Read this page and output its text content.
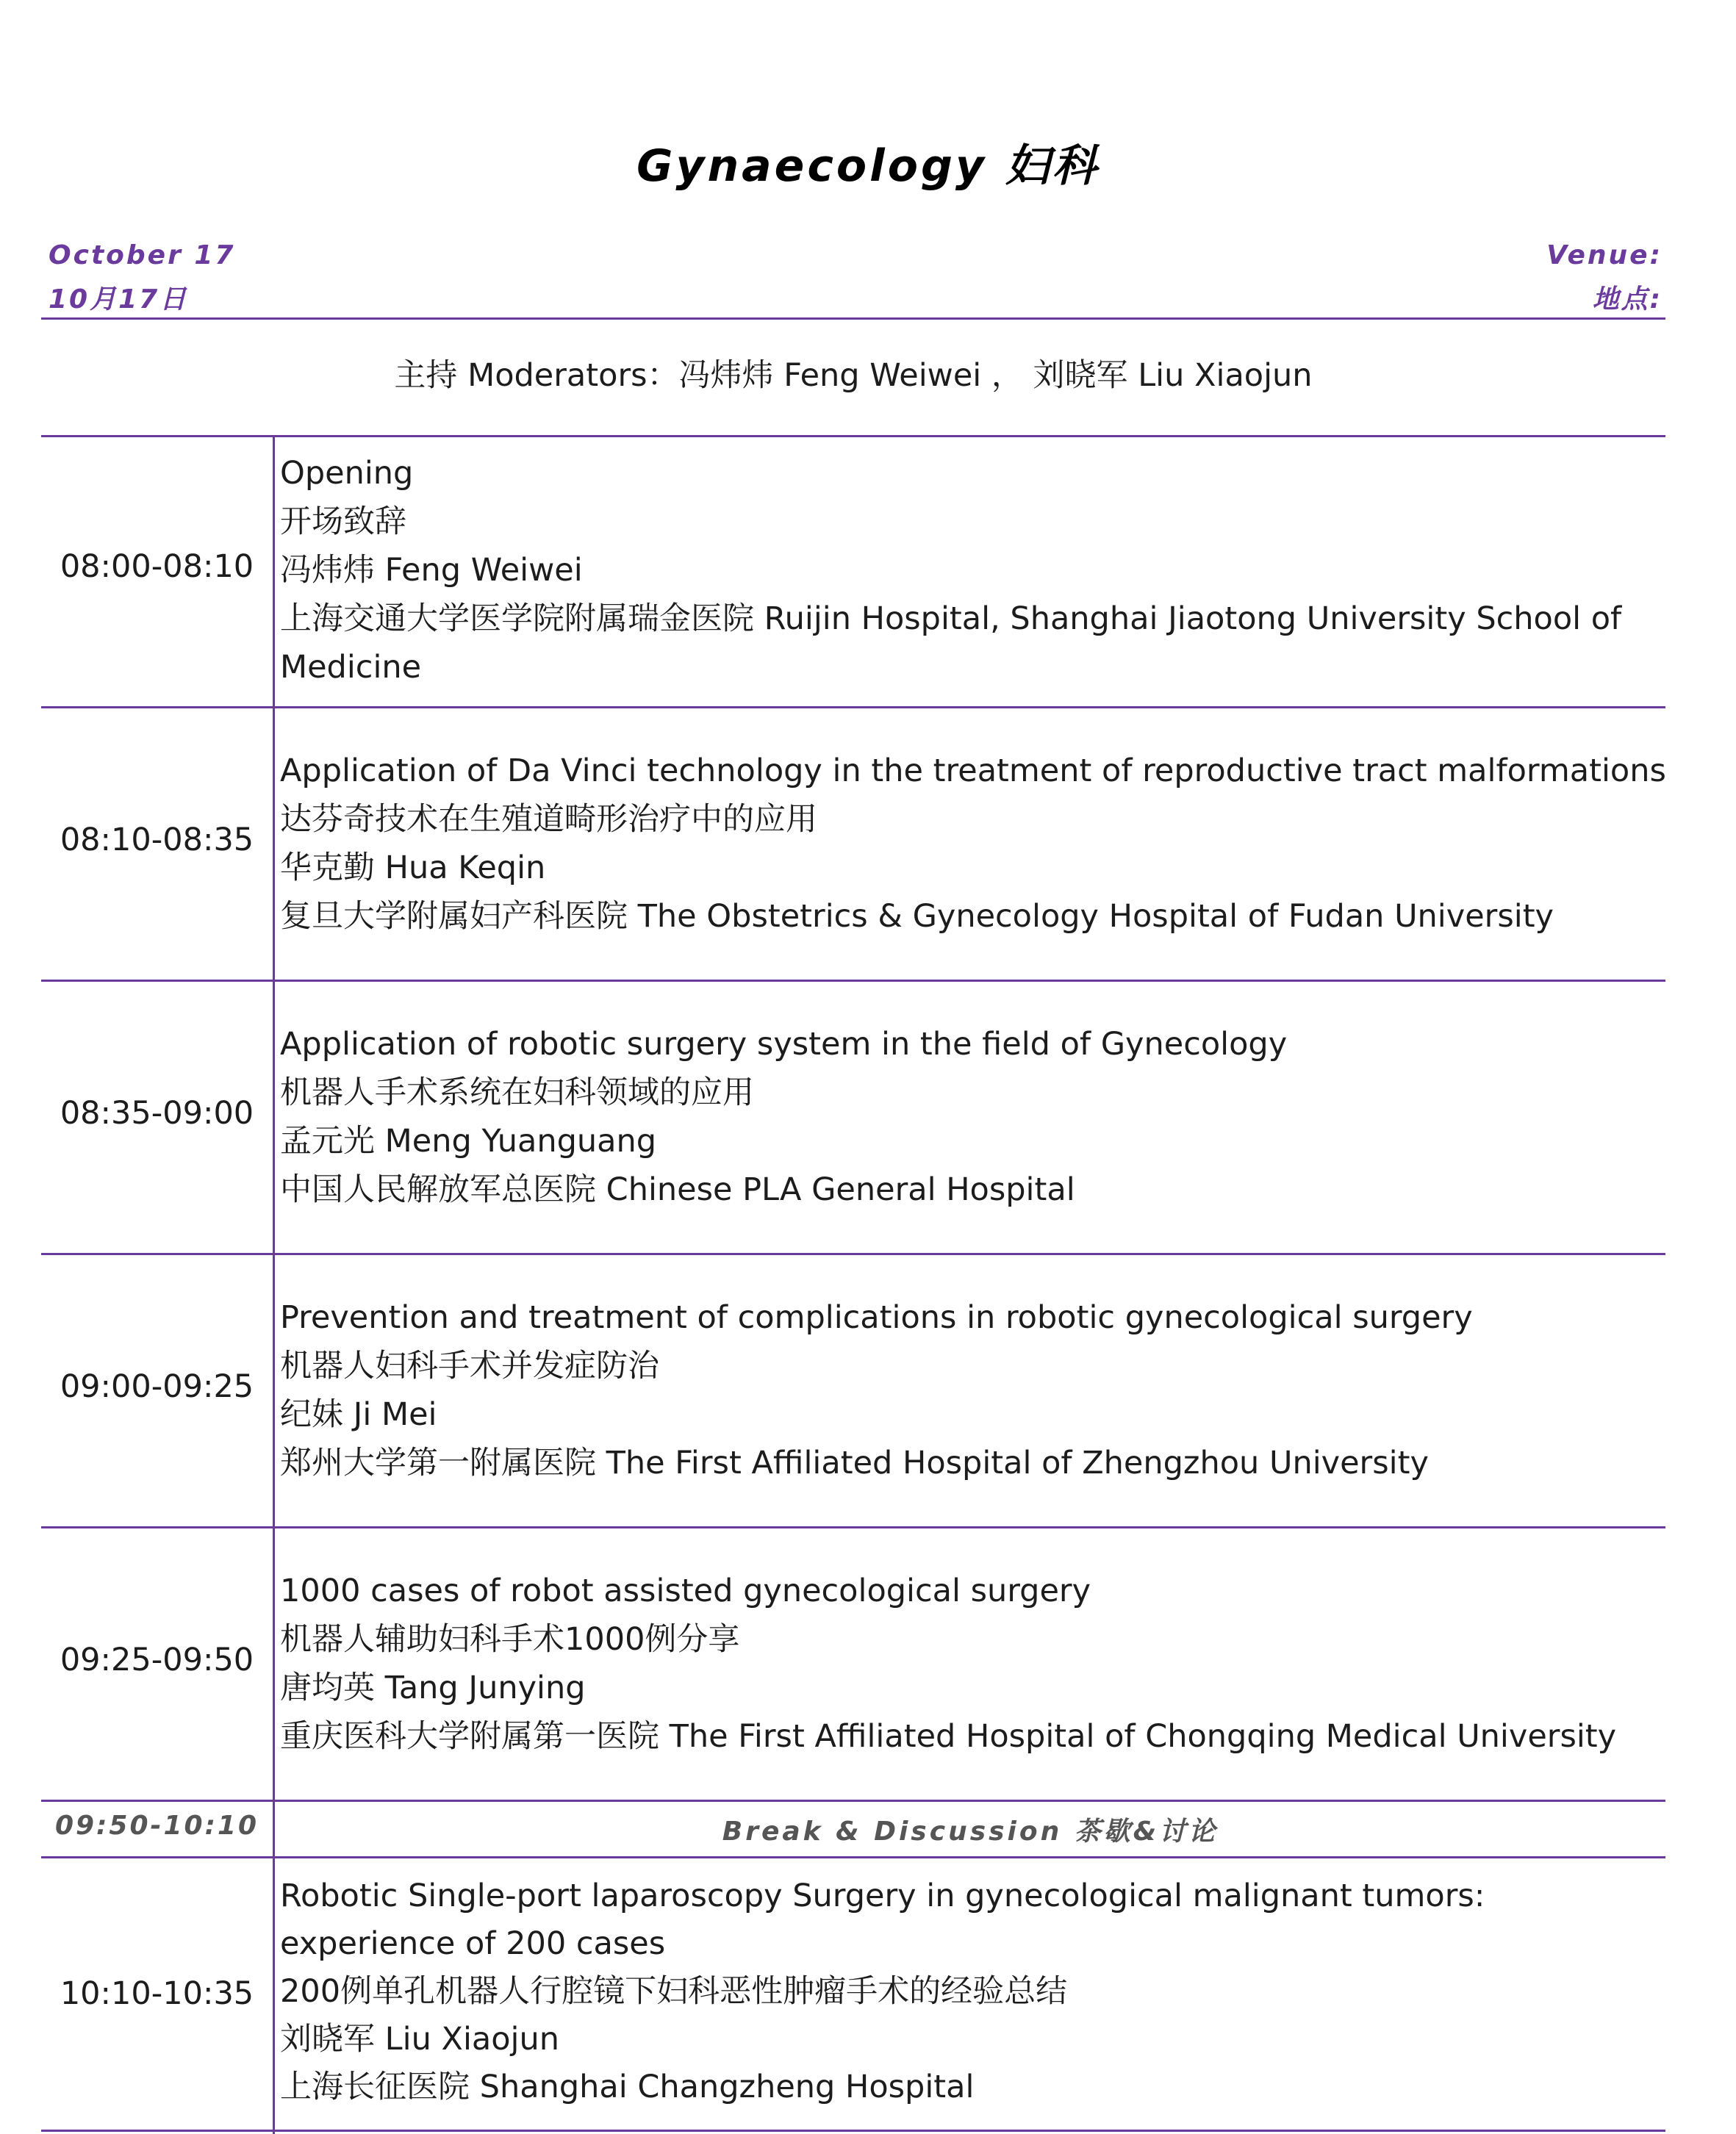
Gynaecology 妇科
October 17
10月17日
Venue:
地点:
主持 Moderators：冯炜炜 Feng Weiwei ， 刘晓军 Liu Xiaojun
08:00-08:10
Opening
开场致辞
冯炜炜 Feng Weiwei
上海交通大学医学院附属瑞金医院 Ruijin Hospital, Shanghai Jiaotong University School of Medicine
08:10-08:35
Application of Da Vinci technology in the treatment of reproductive tract malformations
达芬奇技术在生殖道畸形治疗中的应用
华克勤 Hua Keqin
复旦大学附属妇产科医院 The Obstetrics & Gynecology Hospital of Fudan University
08:35-09:00
Application of robotic surgery system in the field of Gynecology
机器人手术系统在妇科领域的应用
孟元光 Meng Yuanguang
中国人民解放军总医院 Chinese PLA General Hospital
09:00-09:25
Prevention and treatment of complications in robotic gynecological surgery
机器人妇科手术并发症防治
纪妹 Ji Mei
郑州大学第一附属医院 The First Affiliated Hospital of Zhengzhou University
09:25-09:50
1000 cases of robot assisted gynecological surgery
机器人辅助妇科手术1000例分享
唐均英 Tang Junying
重庆医科大学附属第一医院 The First Affiliated Hospital of Chongqing Medical University
09:50-10:10	Break & Discussion 茶歇&讨论
10:10-10:35
Robotic Single-port laparoscopy Surgery in gynecological malignant tumors: experience of 200 cases
200例单孔机器人行腔镜下妇科恶性肿瘤手术的经验总结
刘晓军 Liu Xiaojun
上海长征医院 Shanghai Changzheng Hospital
